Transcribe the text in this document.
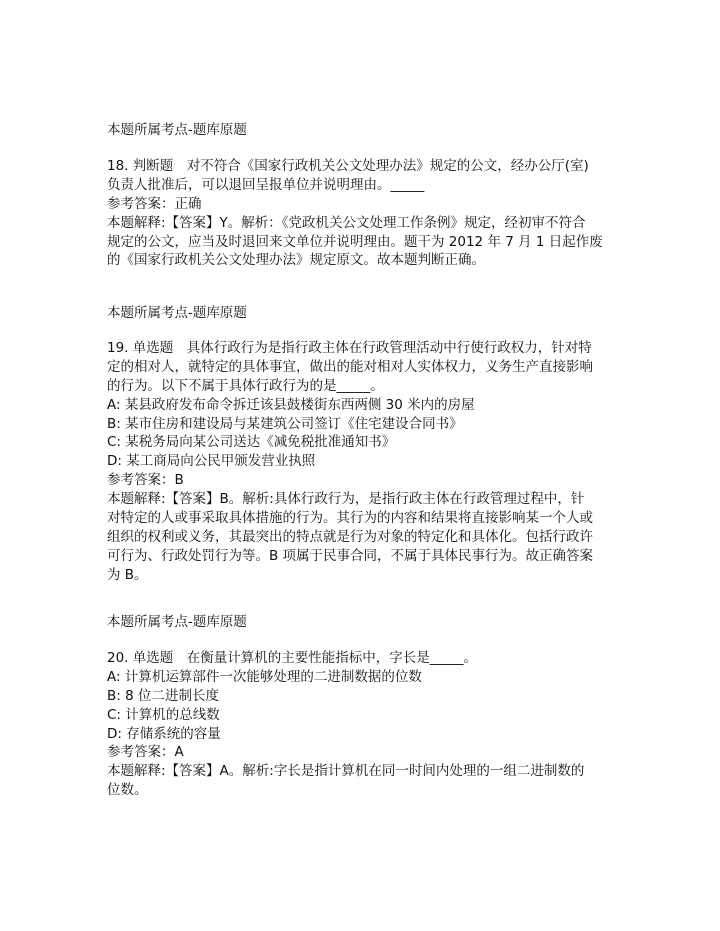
本题所属考点-题库原题
18. 判断题　对不符合《国家行政机关公文处理办法》规定的公文，经办公厅(室)
负责人批准后，可以退回呈报单位并说明理由。_____
参考答案：正确
本题解释:【答案】Y。解析：《党政机关公文处理工作条例》规定，经初审不符合
规定的公文，应当及时退回来文单位并说明理由。题干为 2012 年 7 月 1 日起作废
的《国家行政机关公文处理办法》规定原文。故本题判断正确。
本题所属考点-题库原题
19. 单选题　具体行政行为是指行政主体在行政管理活动中行使行政权力，针对特
定的相对人，就特定的具体事宜，做出的能对相对人实体权力，义务生产直接影响
的行为。以下不属于具体行政行为的是_____。
A: 某县政府发布命令拆迁该县鼓楼街东西两侧 30 米内的房屋
B: 某市住房和建设局与某建筑公司签订《住宅建设合同书》
C: 某税务局向某公司送达《减免税批准通知书》
D: 某工商局向公民甲颁发营业执照
参考答案：B
本题解释:【答案】B。解析:具体行政行为，是指行政主体在行政管理过程中，针
对特定的人或事采取具体措施的行为。其行为的内容和结果将直接影响某一个人或
组织的权利或义务，其最突出的特点就是行为对象的特定化和具体化。包括行政许
可行为、行政处罚行为等。B 项属于民事合同，不属于具体民事行为。故正确答案
为 B。
本题所属考点-题库原题
20. 单选题　在衡量计算机的主要性能指标中，字长是_____。
A: 计算机运算部件一次能够处理的二进制数据的位数
B: 8 位二进制长度
C: 计算机的总线数
D: 存储系统的容量
参考答案：A
本题解释:【答案】A。解析:字长是指计算机在同一时间内处理的一组二进制数的
位数。
